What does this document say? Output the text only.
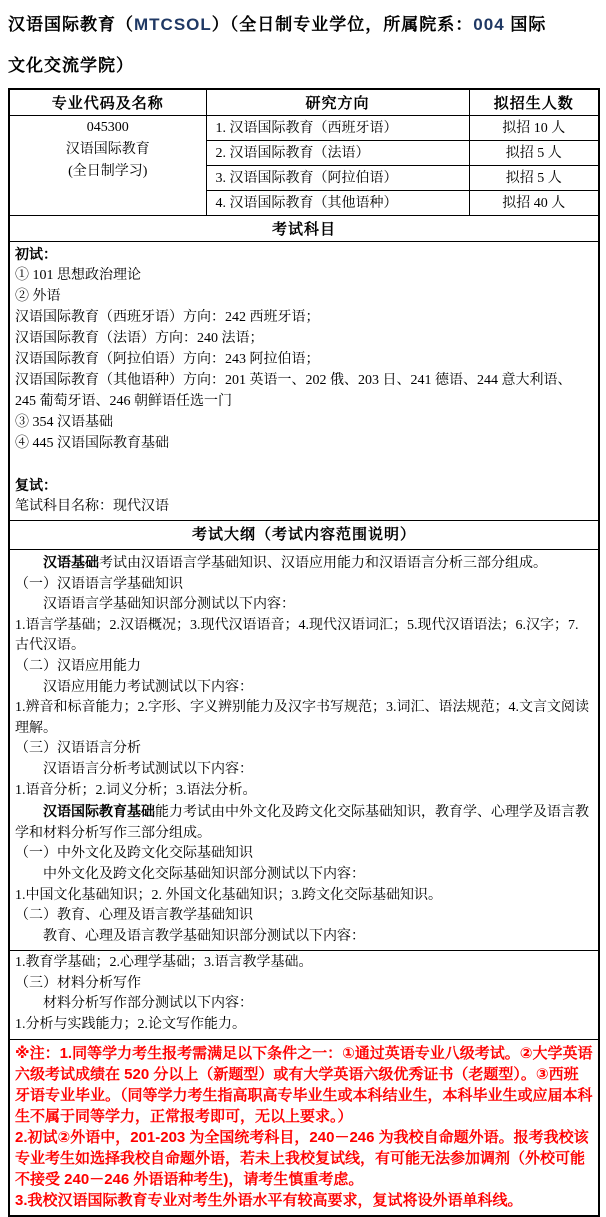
汉语国际教育（MTCSOL）（全日制专业学位，所属院系：004 国际
文化交流学院）
专业代码及名称	研究方向	拟招生人数

045300
汉语国际教育
(全日制学习)	1. 汉语国际教育（西班牙语）	拟招 10 人
	2. 汉语国际教育（法语）	拟招 5 人
	3. 汉语国际教育（阿拉伯语）	拟招 5 人
	4. 汉语国际教育（其他语种）	拟招 40 人
考试科目		

初试：
① 101 思想政治理论
② 外语
汉语国际教育（西班牙语）方向：242 西班牙语；
汉语国际教育（法语）方向：240 法语；
汉语国际教育（阿拉伯语）方向：243 阿拉伯语；
汉语国际教育（其他语种）方向：201 英语一、202 俄、203 日、241 德语、244 意大利语、245 葡萄牙语、246 朝鲜语任选一门
③ 354 汉语基础
④ 445 汉语国际教育基础
复试：
笔试科目名称：现代汉语

考试大纲（考试内容范围说明）		

　　汉语基础考试由汉语语言学基础知识、汉语应用能力和汉语语言分析三部分组成。
（一）汉语语言学基础知识
　　汉语语言学基础知识部分测试以下内容：
1.语言学基础；2.汉语概况；3.现代汉语语音；4.现代汉语词汇；5.现代汉语语法；6.汉字；7.古代汉语。
（二）汉语应用能力
　　汉语应用能力考试测试以下内容：
1.辨音和标音能力；2.字形、字义辨别能力及汉字书写规范；3.词汇、语法规范；4.文言文阅读理解。
（三）汉语语言分析
　　汉语语言分析考试测试以下内容：
1.语音分析；2.词义分析；3.语法分析。
　　汉语国际教育基础能力考试由中外文化及跨文化交际基础知识，教育学、心理学及语言教学和材料分析写作三部分组成。
（一）中外文化及跨文化交际基础知识
　　中外文化及跨文化交际基础知识部分测试以下内容：
1.中国文化基础知识；2. 外国文化基础知识；3.跨文化交际基础知识。
（二）教育、心理及语言教学基础知识
　　教育、心理及语言教学基础知识部分测试以下内容：

1.教育学基础；2.心理学基础；3.语言教学基础。
（三）材料分析写作
　　材料分析写作部分测试以下内容：
1.分析与实践能力；2.论文写作能力。		

※注：1.同等学力考生报考需满足以下条件之一：①通过英语专业八级考试。②大学英语六级考试成绩在 520 分以上（新题型）或有大学英语六级优秀证书（老题型）。③西班牙语专业毕业。（同等学力考生指高职高专毕业生或本科结业生，本科毕业生或应届本科生不属于同等学力，正常报考即可，无以上要求。）
2.初试②外语中，201-203 为全国统考科目，240－246 为我校自命题外语。报考我校该专业考生如选择我校自命题外语，若未上我校复试线，有可能无法参加调剂（外校可能不接受 240－246 外语语种考生)，请考生慎重考虑。
3.我校汉语国际教育专业对考生外语水平有较高要求，复试将设外语单科线。		
